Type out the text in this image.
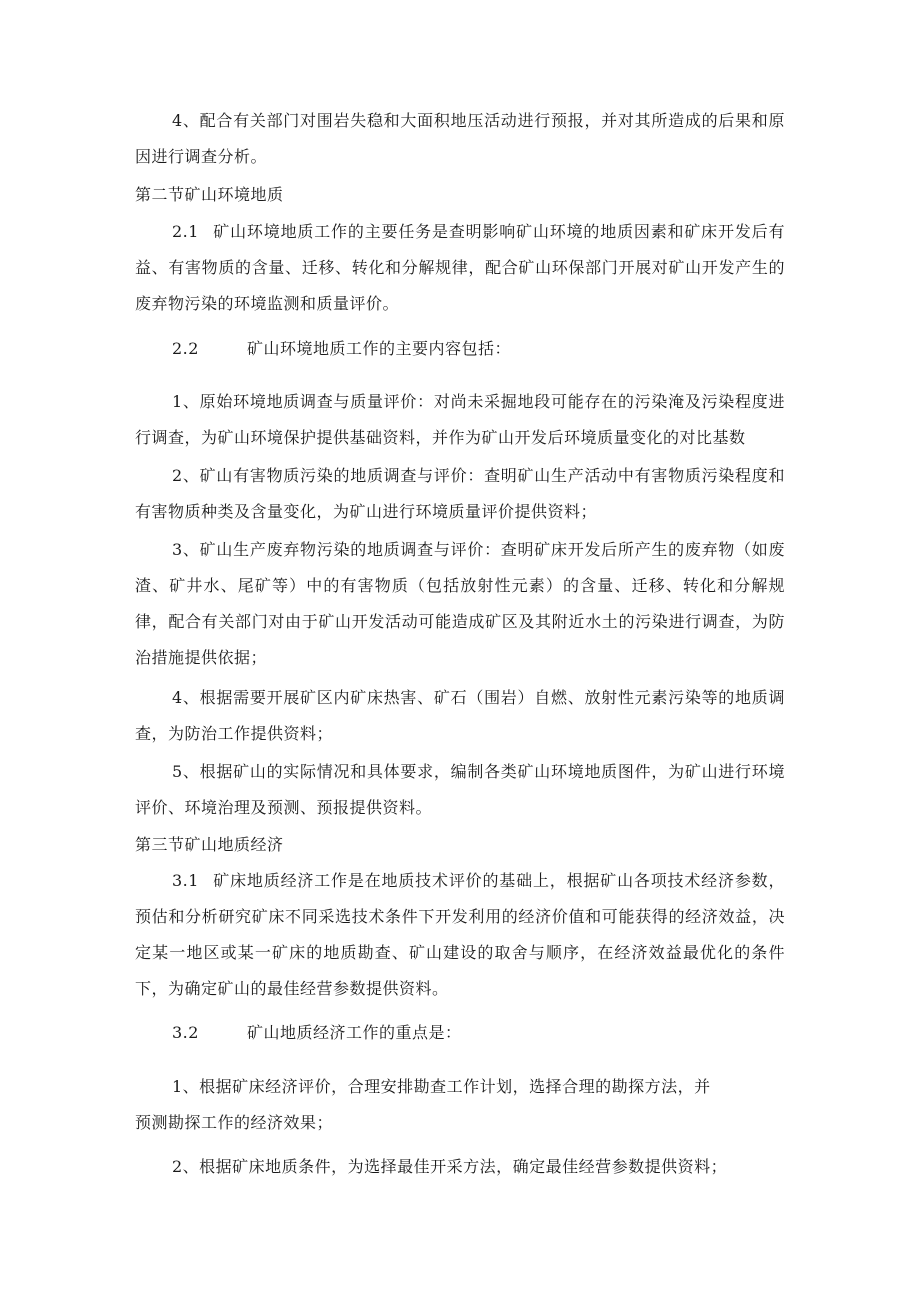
4、配合有关部门对围岩失稳和大面积地压活动进行预报，并对其所造成的后果和原因进行调查分析。

第二节矿山环境地质

2.1 矿山环境地质工作的主要任务是查明影响矿山环境的地质因素和矿床开发后有益、有害物质的含量、迁移、转化和分解规律，配合矿山环保部门开展对矿山开发产生的废弃物污染的环境监测和质量评价。

2.2	矿山环境地质工作的主要内容包括：

1、原始环境地质调查与质量评价：对尚未采掘地段可能存在的污染淹及污染程度进行调查，为矿山环境保护提供基础资料，并作为矿山开发后环境质量变化的对比基数

2、矿山有害物质污染的地质调查与评价：查明矿山生产活动中有害物质污染程度和有害物质种类及含量变化，为矿山进行环境质量评价提供资料；

3、矿山生产废弃物污染的地质调查与评价：查明矿床开发后所产生的废弃物（如废渣、矿井水、尾矿等）中的有害物质（包括放射性元素）的含量、迁移、转化和分解规律，配合有关部门对由于矿山开发活动可能造成矿区及其附近水土的污染进行调查，为防治措施提供依据；

4、根据需要开展矿区内矿床热害、矿石（围岩）自燃、放射性元素污染等的地质调查，为防治工作提供资料；

5、根据矿山的实际情况和具体要求，编制各类矿山环境地质图件，为矿山进行环境评价、环境治理及预测、预报提供资料。

第三节矿山地质经济

3.1 矿床地质经济工作是在地质技术评价的基础上，根据矿山各项技术经济参数，预估和分析研究矿床不同采选技术条件下开发利用的经济价值和可能获得的经济效益，决定某一地区或某一矿床的地质勘查、矿山建设的取舍与顺序，在经济效益最优化的条件下，为确定矿山的最佳经营参数提供资料。

3.2	矿山地质经济工作的重点是：

1、根据矿床经济评价，合理安排勘查工作计划，选择合理的勘探方法，并
预测勘探工作的经济效果；

2、根据矿床地质条件，为选择最佳开采方法，确定最佳经营参数提供资料；
